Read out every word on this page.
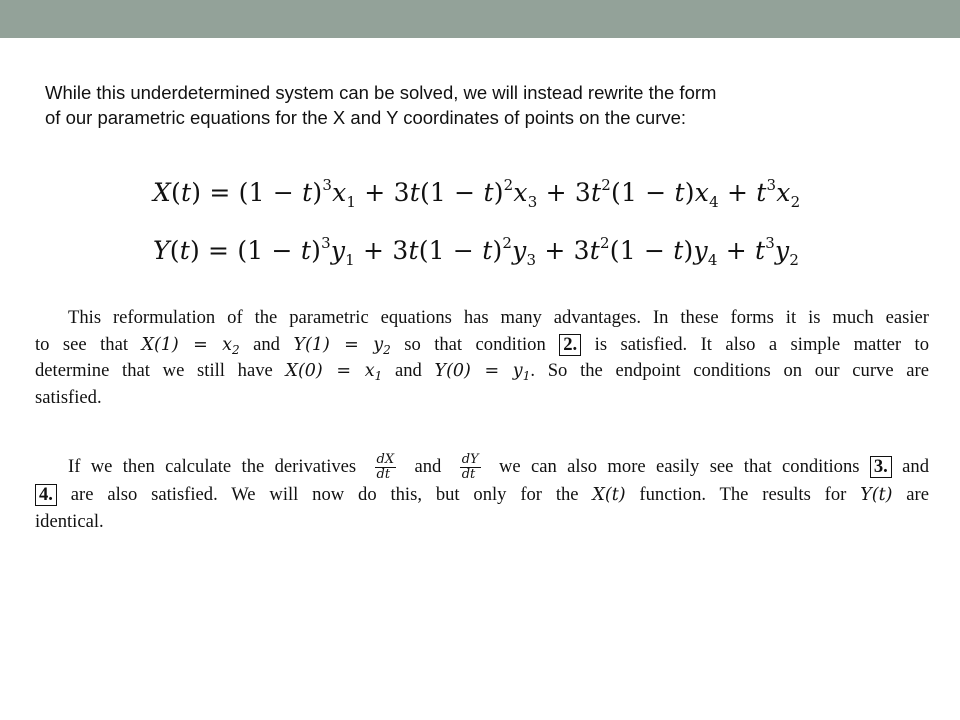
While this underdetermined system can be solved, we will instead rewrite the form

of our parametric equations for the X and Y coordinates of points on the curve:

$X(t) = (1 - t)^3x_1 + 3t(1 - t)^2x_3 + 3t^2(1 - t)x_4 + t^3x_2$
$Y(t) = (1 - t)^3y_1 + 3t(1 - t)^2y_3 + 3t^2(1 - t)y_4 + t^3y_2$
This reformulation of the parametric equations has many advantages. In these forms it is much easier
to see that $X(1) = x_2$ and $Y(1) = y_2$ so that condition 2. is satisfied. It also a simple matter to
determine that we still have $X(0) = x_1$ and $Y(0) = y_1$. So the endpoint conditions on our curve are
satisfied.
If we then calculate the derivatives $\frac{dX}{dt}$ and $\frac{dY}{dt}$ we can also more easily see that conditions 3. and
4. are also satisfied. We will now do this, but only for the X(t) function. The results for Y(t) are
identical.
